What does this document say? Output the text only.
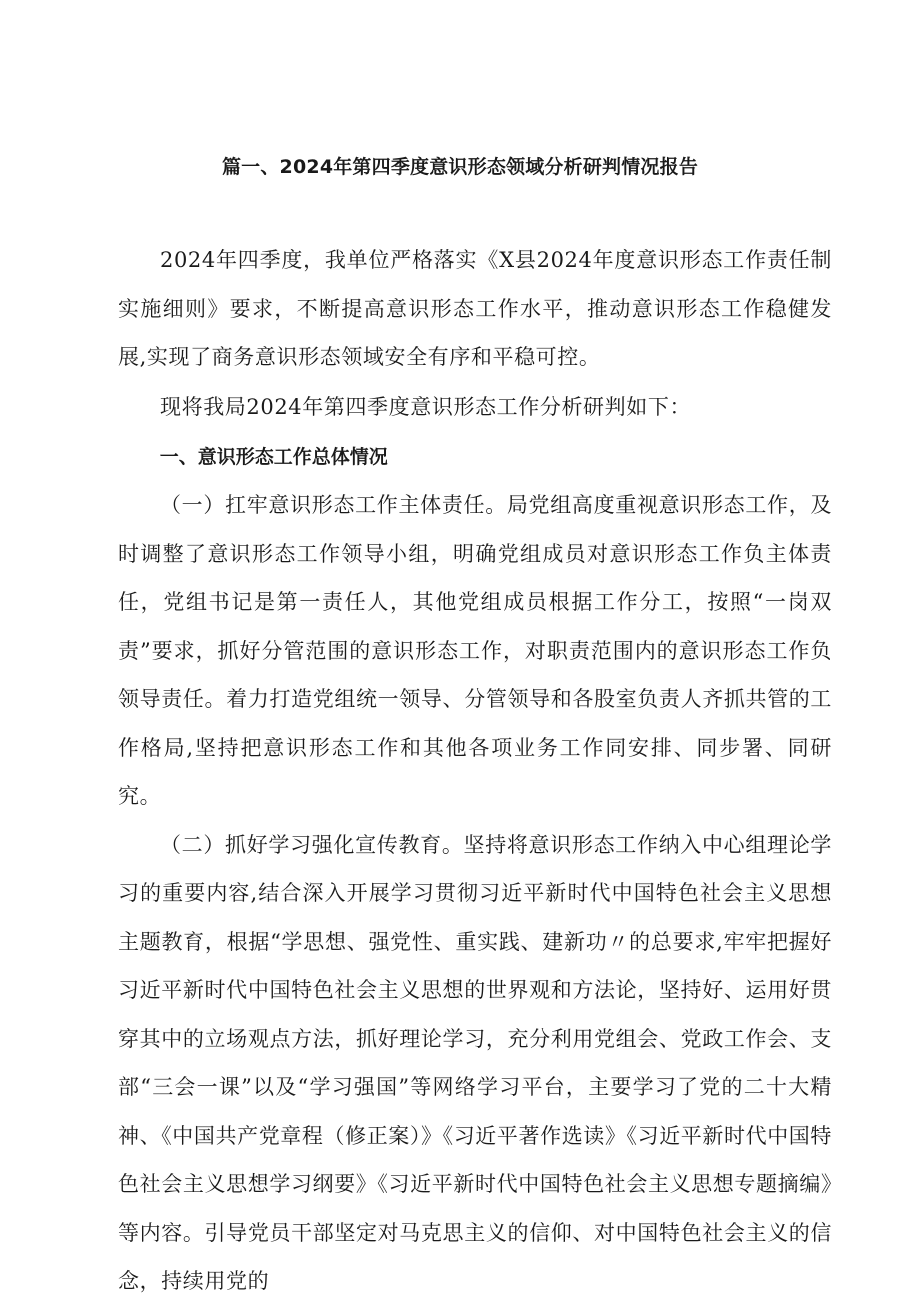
篇一、2024年第四季度意识形态领域分析研判情况报告

2024年四季度，我单位严格落实《X县2024年度意识形态工作责任制实施细则》要求，不断提高意识形态工作水平，推动意识形态工作稳健发展,实现了商务意识形态领域安全有序和平稳可控。

现将我局2024年第四季度意识形态工作分析研判如下：

一、意识形态工作总体情况

（一）扛牢意识形态工作主体责任。局党组高度重视意识形态工作，及时调整了意识形态工作领导小组，明确党组成员对意识形态工作负主体责任，党组书记是第一责任人，其他党组成员根据工作分工，按照“一岗双责”要求，抓好分管范围的意识形态工作，对职责范围内的意识形态工作负领导责任。着力打造党组统一领导、分管领导和各股室负责人齐抓共管的工作格局,坚持把意识形态工作和其他各项业务工作同安排、同步署、同研究。

（二）抓好学习强化宣传教育。坚持将意识形态工作纳入中心组理论学习的重要内容,结合深入开展学习贯彻习近平新时代中国特色社会主义思想主题教育，根据“学思想、强党性、重实践、建新功〃的总要求,牢牢把握好习近平新时代中国特色社会主义思想的世界观和方法论，坚持好、运用好贯穿其中的立场观点方法，抓好理论学习，充分利用党组会、党政工作会、支部“三会一课”以及“学习强国”等网络学习平台，主要学习了党的二十大精神、《中国共产党章程（修正案）》《习近平著作选读》《习近平新时代中国特色社会主义思想学习纲要》《习近平新时代中国特色社会主义思想专题摘编》等内容。引导党员干部坚定对马克思主义的信仰、对中国特色社会主义的信念，持续用党的
